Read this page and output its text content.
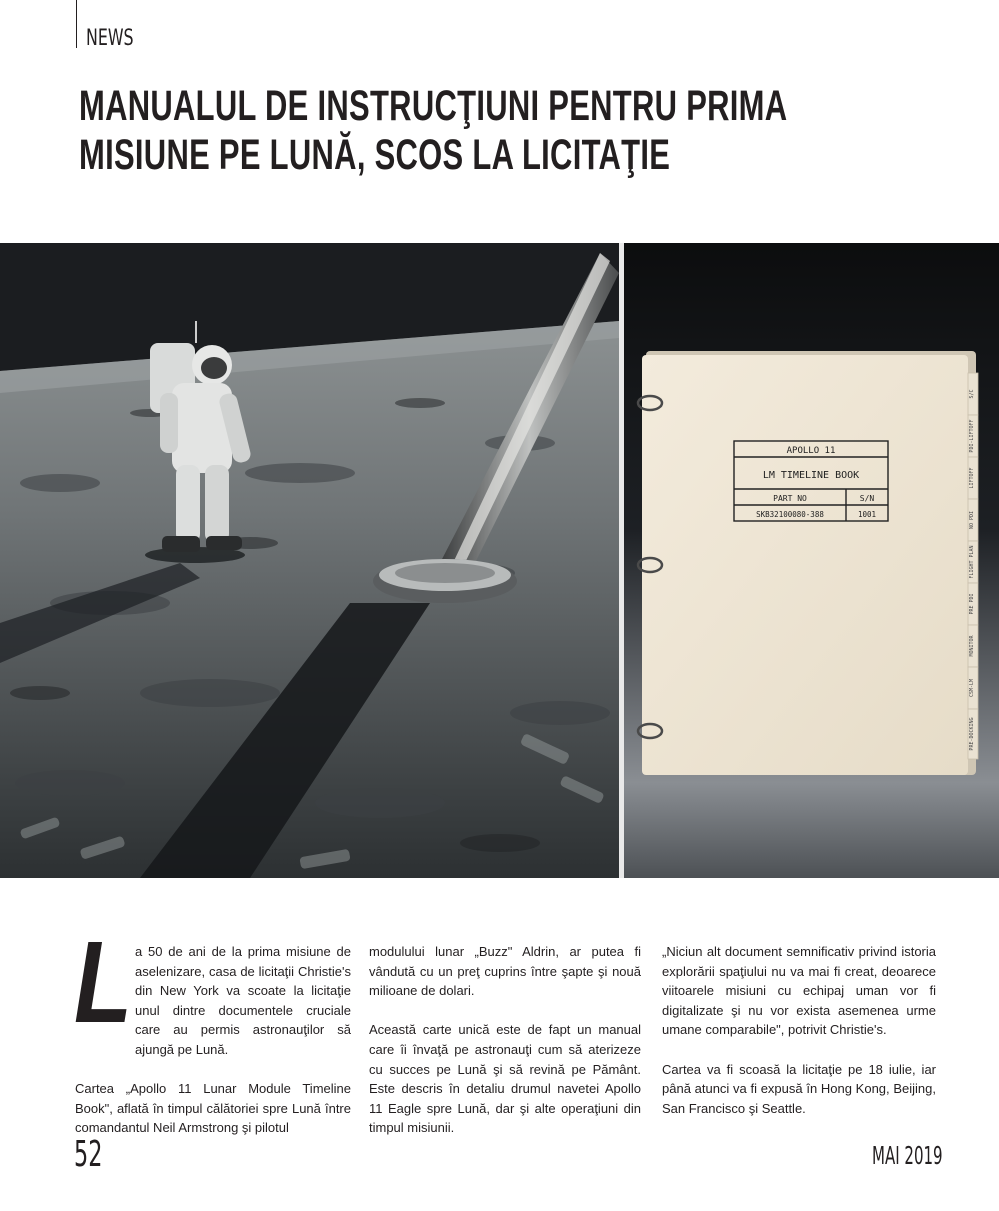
NEWS
MANUALUL DE INSTRUCŢIUNI PENTRU PRIMA
MISIUNE PE LUNĂ, SCOS LA LICITAŢIE
APOLLO 11
LM TIMELINE BOOK
PART NO	S/N
SKB32100080-388	1001
S/C
PDI-LIFTOFF
LIFTOFF
NO PDI
FLIGHT PLAN
PRE PDI
MONITOR
CSM-LM
PRE-DOCKING
L a 50 de ani de la prima misiune de aselenizare, casa de licitaţii Christie's din New York va scoate la licitaţie unul dintre documentele cruciale care au permis astronauţilor să ajungă pe Lună.

Cartea „Apollo 11 Lunar Module Timeline Book", aflată în timpul călătoriei spre Lună între comandantul Neil Armstrong şi pilotul

modulului lunar „Buzz" Aldrin, ar putea fi vândută cu un preţ cuprins între şapte şi nouă milioane de dolari.

Această carte unică este de fapt un manual care îi învaţă pe astronauţi cum să aterizeze cu succes pe Lună şi să revină pe Pământ. Este descris în detaliu drumul navetei Apollo 11 Eagle spre Lună, dar şi alte operaţiuni din timpul misiunii.

„Niciun alt document semnificativ privind istoria explorării spaţiului nu va mai fi creat, deoarece viitoarele misiuni cu echipaj uman vor fi digitalizate şi nu vor exista asemenea urme umane comparabile", potrivit Christie's.

Cartea va fi scoasă la licitaţie pe 18 iulie, iar până atunci va fi expusă în Hong Kong, Beijing, San Francisco şi Seattle.

52	MAI 2019
